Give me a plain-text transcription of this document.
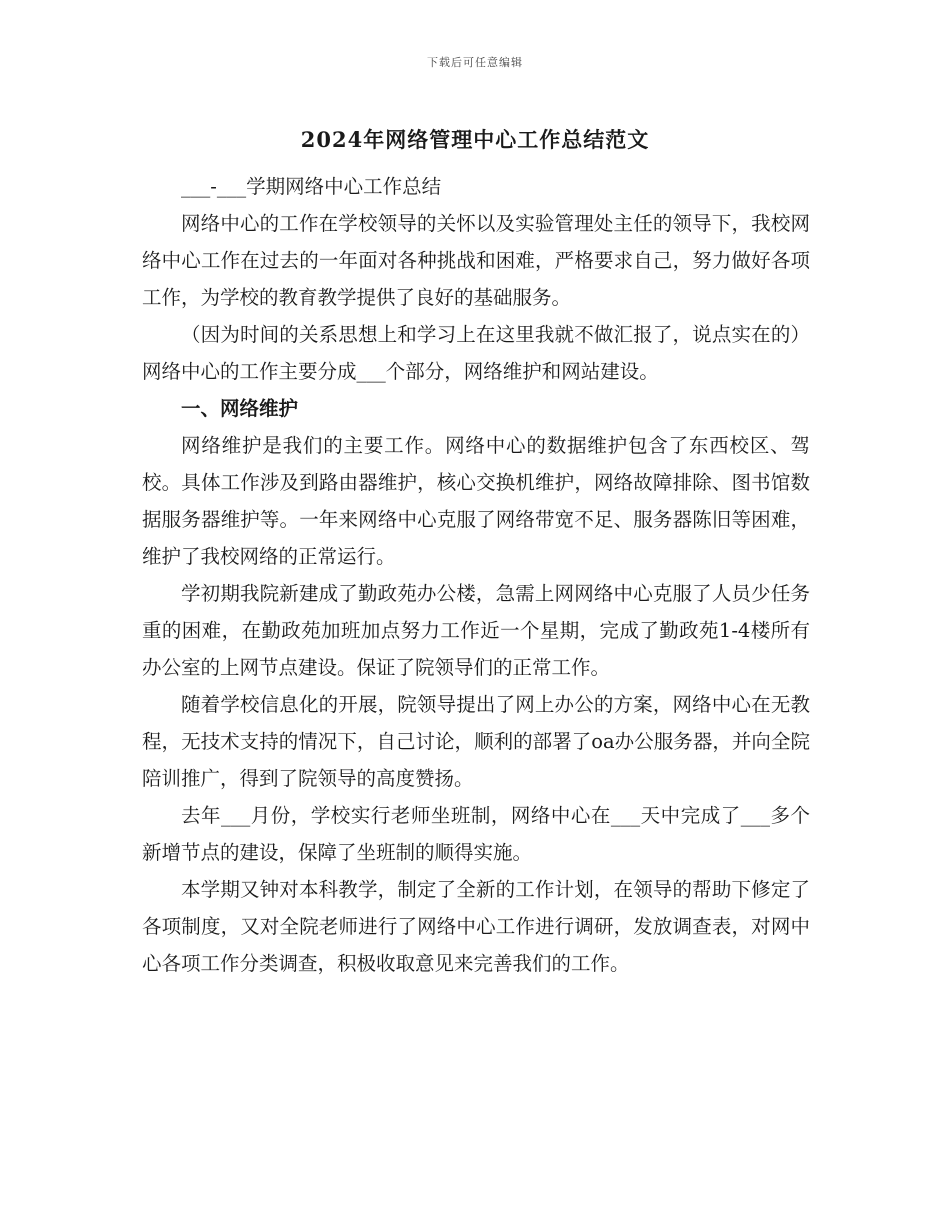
下载后可任意编辑
2024年网络管理中心工作总结范文

___-___学期网络中心工作总结

网络中心的工作在学校领导的关怀以及实验管理处主任的领导下，我校网络中心工作在过去的一年面对各种挑战和困难，严格要求自己，努力做好各项工作，为学校的教育教学提供了良好的基础服务。

（因为时间的关系思想上和学习上在这里我就不做汇报了，说点实在的）网络中心的工作主要分成___个部分，网络维护和网站建设。

一、网络维护

网络维护是我们的主要工作。网络中心的数据维护包含了东西校区、驾校。具体工作涉及到路由器维护，核心交换机维护，网络故障排除、图书馆数据服务器维护等。一年来网络中心克服了网络带宽不足、服务器陈旧等困难，维护了我校网络的正常运行。

学初期我院新建成了勤政苑办公楼，急需上网网络中心克服了人员少任务重的困难，在勤政苑加班加点努力工作近一个星期，完成了勤政苑1-4楼所有办公室的上网节点建设。保证了院领导们的正常工作。

随着学校信息化的开展，院领导提出了网上办公的方案，网络中心在无教程，无技术支持的情况下，自己讨论，顺利的部署了oa办公服务器，并向全院陪训推广，得到了院领导的高度赞扬。

去年___月份，学校实行老师坐班制，网络中心在___天中完成了___多个新增节点的建设，保障了坐班制的顺得实施。

本学期又钟对本科教学，制定了全新的工作计划，在领导的帮助下修定了各项制度，又对全院老师进行了网络中心工作进行调研，发放调查表，对网中心各项工作分类调查，积极收取意见来完善我们的工作。
